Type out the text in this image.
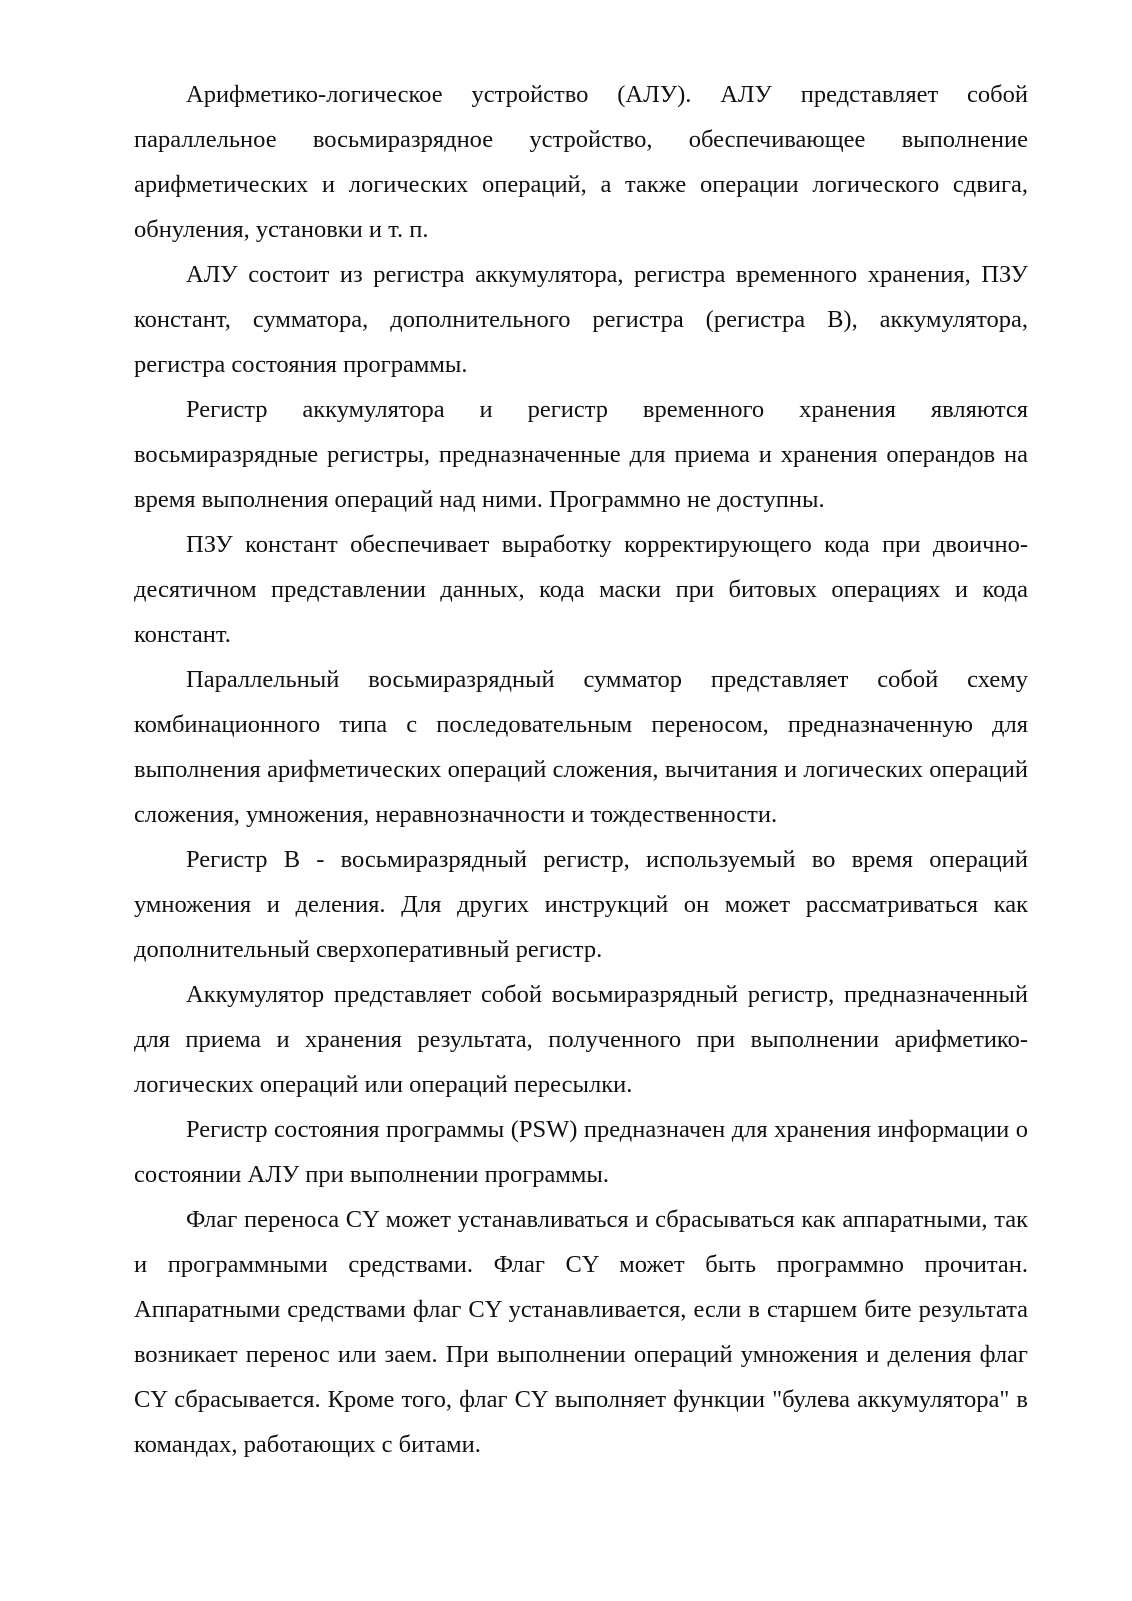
Арифметико-логическое устройство (АЛУ). АЛУ представляет собой параллельное восьмиразрядное устройство, обеспечивающее выполнение арифметических и логических операций, а также операции логического сдвига, обнуления, установки и т. п.

АЛУ состоит из регистра аккумулятора, регистра временного хранения, ПЗУ констант, сумматора, дополнительного регистра (регистра B), аккумулятора, регистра состояния программы.

Регистр аккумулятора и регистр временного хранения являются восьмиразрядные регистры, предназначенные для приема и хранения операндов на время выполнения операций над ними. Программно не доступны.

ПЗУ констант обеспечивает выработку корректирующего кода при двоично-десятичном представлении данных, кода маски при битовых операциях и кода констант.

Параллельный восьмиразрядный сумматор представляет собой схему комбинационного типа с последовательным переносом, предназначенную для выполнения арифметических операций сложения, вычитания и логических операций сложения, умножения, неравнозначности и тождественности.

Регистр B - восьмиразрядный регистр, используемый во время операций умножения и деления. Для других инструкций он может рассматриваться как дополнительный сверхоперативный регистр.

Аккумулятор представляет собой восьмиразрядный регистр, предназначенный для приема и хранения результата, полученного при выполнении арифметико-логических операций или операций пересылки.

Регистр состояния программы (PSW) предназначен для хранения информации о состоянии АЛУ при выполнении программы.

Флаг переноса CY может устанавливаться и сбрасываться как аппаратными, так и программными средствами. Флаг CY может быть программно прочитан. Аппаратными средствами флаг CY устанавливается, если в старшем бите результата возникает перенос или заем. При выполнении операций умножения и деления флаг CY сбрасывается. Кроме того, флаг CY выполняет функции "булева аккумулятора" в командах, работающих с битами.
